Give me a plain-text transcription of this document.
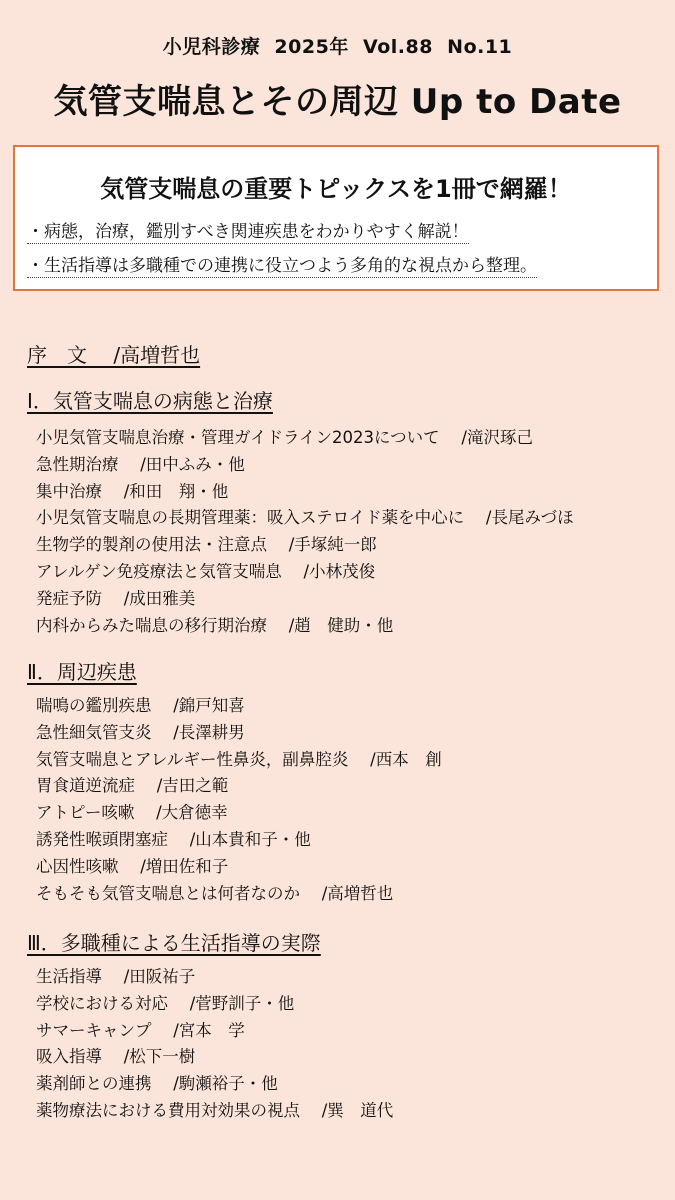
小児科診療  2025年  Vol.88  No.11
気管支喘息とその周辺 Up to Date
気管支喘息の重要トピックスを1冊で網羅！
・病態，治療，鑑別すべき関連疾患をわかりやすく解説！
・生活指導は多職種での連携に役立つよう多角的な視点から整理。
序　文　 /高増哲也
Ⅰ．気管支喘息の病態と治療
小児気管支喘息治療・管理ガイドライン2023について　 /滝沢琢己
急性期治療　 /田中ふみ・他
集中治療　 /和田　翔・他
小児気管支喘息の長期管理薬：吸入ステロイド薬を中心に　 /長尾みづほ
生物学的製剤の使用法・注意点　 /手塚純一郎
アレルゲン免疫療法と気管支喘息　 /小林茂俊
発症予防　 /成田雅美
内科からみた喘息の移行期治療　 /趙　健助・他
Ⅱ．周辺疾患
喘鳴の鑑別疾患　 /錦戸知喜
急性細気管支炎　 /長澤耕男
気管支喘息とアレルギー性鼻炎，副鼻腔炎　 /西本　創
胃食道逆流症　 /吉田之範
アトピー咳嗽　 /大倉徳幸
誘発性喉頭閉塞症　 /山本貴和子・他
心因性咳嗽　 /増田佐和子
そもそも気管支喘息とは何者なのか　 /高増哲也
Ⅲ．多職種による生活指導の実際
生活指導　 /田阪祐子
学校における対応　 /菅野訓子・他
サマーキャンプ　 /宮本　学
吸入指導　 /松下一樹
薬剤師との連携　 /駒瀬裕子・他
薬物療法における費用対効果の視点　 /巽　道代
